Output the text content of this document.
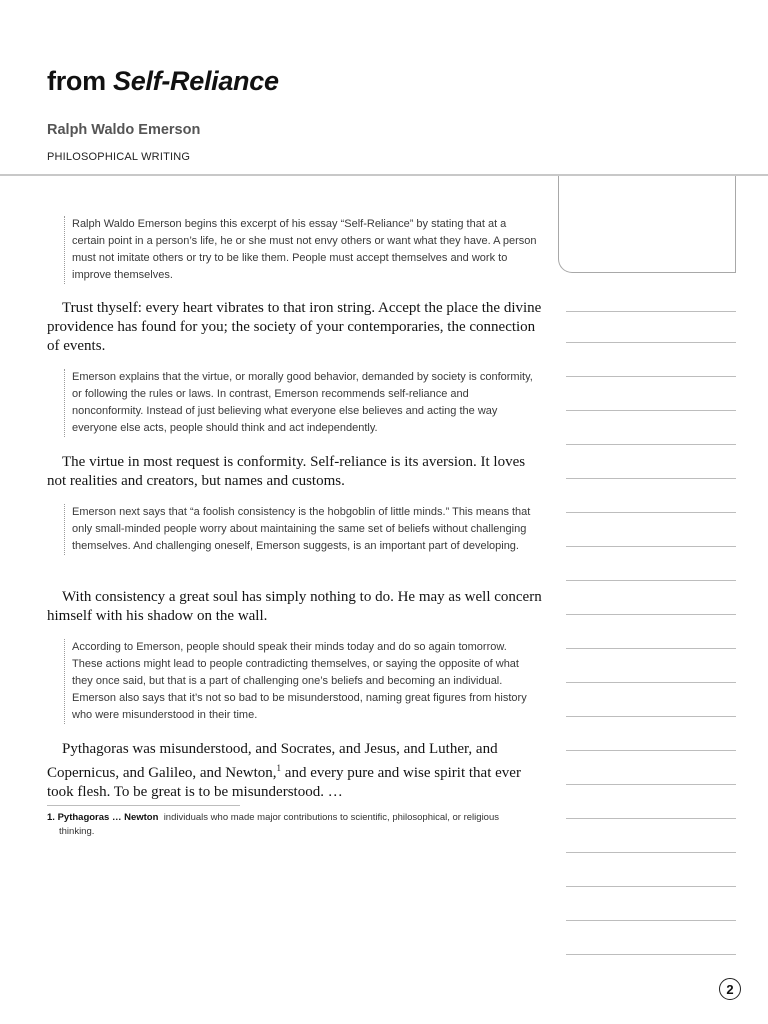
from Self-Reliance
Ralph Waldo Emerson
PHILOSOPHICAL WRITING
Ralph Waldo Emerson begins this excerpt of his essay “Self-Reliance” by stating that at a certain point in a person’s life, he or she must not envy others or want what they have. A person must not imitate others or try to be like them. People must accept themselves and work to improve themselves.

Trust thyself: every heart vibrates to that iron string. Accept the place the divine providence has found for you; the society of your contemporaries, the connection of events.

Emerson explains that the virtue, or morally good behavior, demanded by society is conformity, or following the rules or laws. In contrast, Emerson recommends self-reliance and nonconformity. Instead of just believing what everyone else believes and acting the way everyone else acts, people should think and act independently.

The virtue in most request is conformity. Self-reliance is its aversion. It loves not realities and creators, but names and customs.

Emerson next says that “a foolish consistency is the hobgoblin of little minds.” This means that only small-minded people worry about maintaining the same set of beliefs without challenging themselves. And challenging oneself, Emerson suggests, is an important part of developing.

With consistency a great soul has simply nothing to do. He may as well concern himself with his shadow on the wall.

According to Emerson, people should speak their minds today and do so again tomorrow. These actions might lead to people contradicting themselves, or saying the opposite of what they once said, but that is a part of challenging one’s beliefs and becoming an individual. Emerson also says that it’s not so bad to be misunderstood, naming great figures from history who were misunderstood in their time.

Pythagoras was misunderstood, and Socrates, and Jesus, and Luther, and Copernicus, and Galileo, and Newton,$^1$ and every pure and wise spirit that ever took flesh. To be great is to be misunderstood. …

1. Pythagoras … Newton individuals who made major contributions to scientific, philosophical, or religious thinking.
2
